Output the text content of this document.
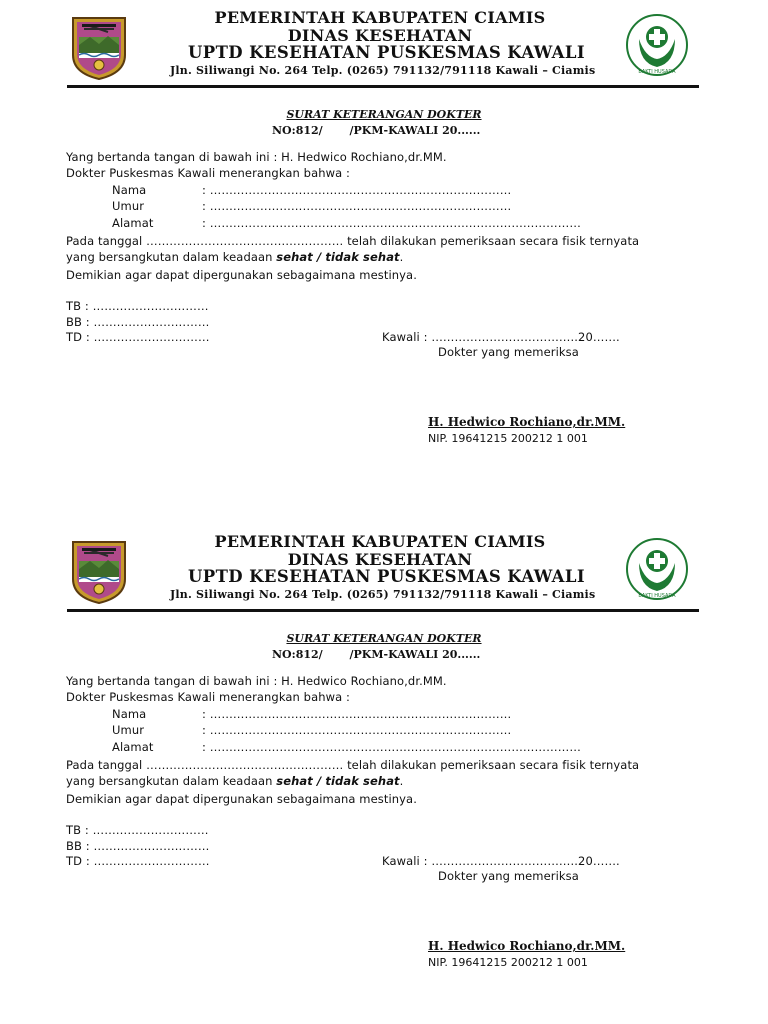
PEMERINTAH KABUPATEN CIAMIS
DINAS KESEHATAN
UPTD KESEHATAN PUSKESMAS KAWALI
Jln. Siliwangi No. 264 Telp. (0265) 791132/791118 Kawali – Ciamis	BAKTI HUSADA
SURAT KETERANGAN DOKTER
NO:812/       /PKM-KAWALI 20......
Yang bertanda tangan di bawah ini : H. Hedwico Rochiano,dr.MM.
Dokter Puskesmas Kawali menerangkan bahwa :
Nama	: ……………………………………………………………………
Umur	: ……………………………………………………………………
Alamat	: ……………………………………………………………………………………
Pada tanggal …………………………………………… telah dilakukan pemeriksaan secara fisik ternyata
yang bersangkutan dalam keadaan sehat / tidak sehat.
Demikian agar dapat dipergunakan sebagaimana mestinya.
TB : …………………………
BB : …………………………
TD : …………………………	Kawali : ………………………………..20…….
Dokter yang memeriksa
H. Hedwico Rochiano,dr.MM.
NIP. 19641215 200212 1 001
PEMERINTAH KABUPATEN CIAMIS
DINAS KESEHATAN
UPTD KESEHATAN PUSKESMAS KAWALI
Jln. Siliwangi No. 264 Telp. (0265) 791132/791118 Kawali – Ciamis	BAKTI HUSADA
SURAT KETERANGAN DOKTER
NO:812/       /PKM-KAWALI 20......
Yang bertanda tangan di bawah ini : H. Hedwico Rochiano,dr.MM.
Dokter Puskesmas Kawali menerangkan bahwa :
Nama	: ……………………………………………………………………
Umur	: ……………………………………………………………………
Alamat	: ……………………………………………………………………………………
Pada tanggal …………………………………………… telah dilakukan pemeriksaan secara fisik ternyata
yang bersangkutan dalam keadaan sehat / tidak sehat.
Demikian agar dapat dipergunakan sebagaimana mestinya.
TB : …………………………
BB : …………………………
TD : …………………………	Kawali : ………………………………..20…….
Dokter yang memeriksa
H. Hedwico Rochiano,dr.MM.
NIP. 19641215 200212 1 001
